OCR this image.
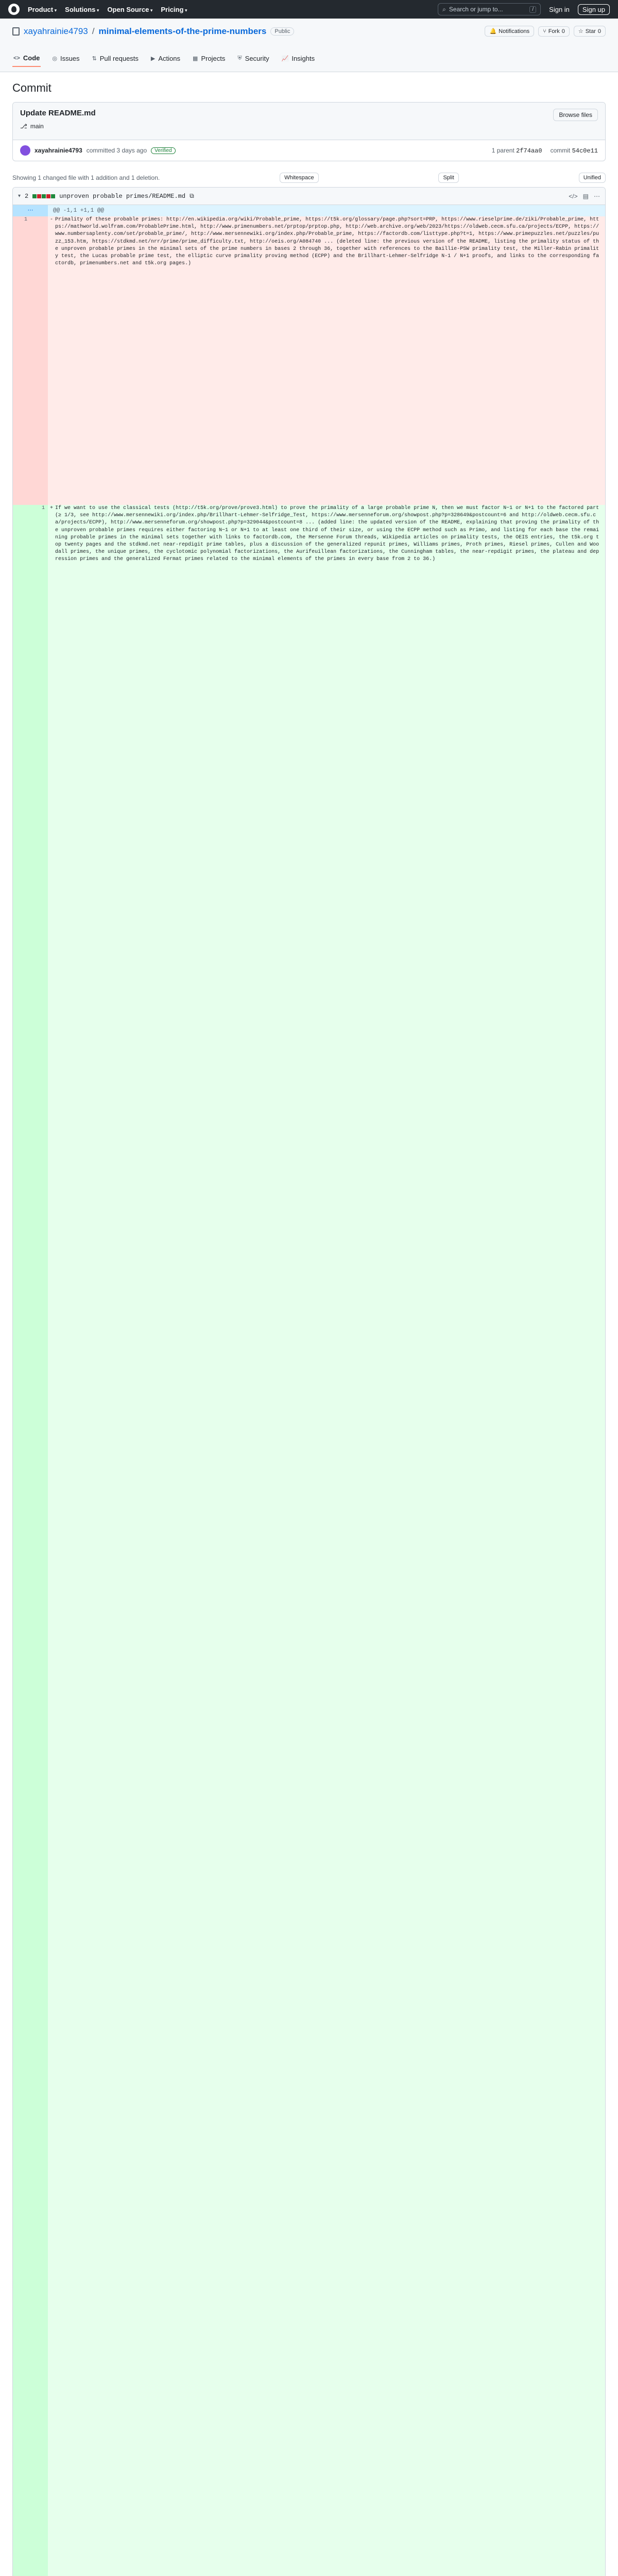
Product ▾	Solutions ▾	Open Source ▾	Pricing ▾	⌕ Search or jump to...	/	Sign in	Sign up
xayahrainie4793 / minimal-elements-of-the-prime-numbers	Public	🔔 Notifications ⑂ Fork 0 ☆ Star 0
<> Code ◎ Issues ⇅ Pull requests ▶ Actions ▦ Projects ⛨ Security 📈 Insights
Commit
Update README.md	Browse files
⎇ main
xayahrainie4793 committed 3 days ago	Verified	1 parent 2f74aa0 commit 54c0e11
Showing 1 changed file with 1 addition and 1 deletion.	Whitespace	Split	Unified
▾ 2	unproven probable primes/README.md ⧉	</> ▤ ⋯
⋯	@@ -1,1 +1,1 @@
1	- Primality of these probable primes: http://en.wikipedia.org/wiki/Probable_prime, https://t5k.org/glossary/page.php?sort=PRP, https://www.rieselprime.de/ziki/Probable_prime, https://mathworld.wolfram.com/ProbablePrime.html, http://www.primenumbers.net/prptop/prptop.php, http://web.archive.org/web/2023/https://oldweb.cecm.sfu.ca/projects/ECPP, https://www.numbersaplenty.com/set/probable_prime/, http://www.mersennewiki.org/index.php/Probable_prime, https://factordb.com/listtype.php?t=1, https://www.primepuzzles.net/puzzles/puzz_153.htm, https://stdkmd.net/nrr/prime/prime_difficulty.txt, http://oeis.org/A084740 ... (deleted line: the previous version of the README, listing the primality status of the unproven probable primes in the minimal sets of the prime numbers in bases 2 through 36, together with references to the Baillie-PSW primality test, the Miller-Rabin primality test, the Lucas probable prime test, the elliptic curve primality proving method (ECPP) and the Brillhart-Lehmer-Selfridge N-1 / N+1 proofs, and links to the corresponding factordb, primenumbers.net and t5k.org pages.)
1 + If we want to use the classical tests (http://t5k.org/prove/prove3.html) to prove the primality of a large probable prime N, then we must factor N−1 or N+1 to the factored part (≥ 1/3, see http://www.mersennewiki.org/index.php/Brillhart-Lehmer-Selfridge_Test, https://www.mersenneforum.org/showpost.php?p=328649&postcount=6 and http://oldweb.cecm.sfu.ca/projects/ECPP), http://www.mersenneforum.org/showpost.php?p=329044&postcount=8 ... (added line: the updated version of the README, explaining that proving the primality of the unproven probable primes requires either factoring N−1 or N+1 to at least one third of their size, or using the ECPP method such as Primo, and listing for each base the remaining probable primes in the minimal sets together with links to factordb.com, the Mersenne Forum threads, Wikipedia articles on primality tests, the OEIS entries, the t5k.org top twenty pages and the stdkmd.net near-repdigit prime tables, plus a discussion of the generalized repunit primes, Williams primes, Proth primes, Riesel primes, Cullen and Woodall primes, the unique primes, the cyclotomic polynomial factorizations, the Aurifeuillean factorizations, the Cunningham tables, the near-repdigit primes, the plateau and depression primes and the generalized Fermat primes related to the minimal elements of the primes in every base from 2 to 36.)
